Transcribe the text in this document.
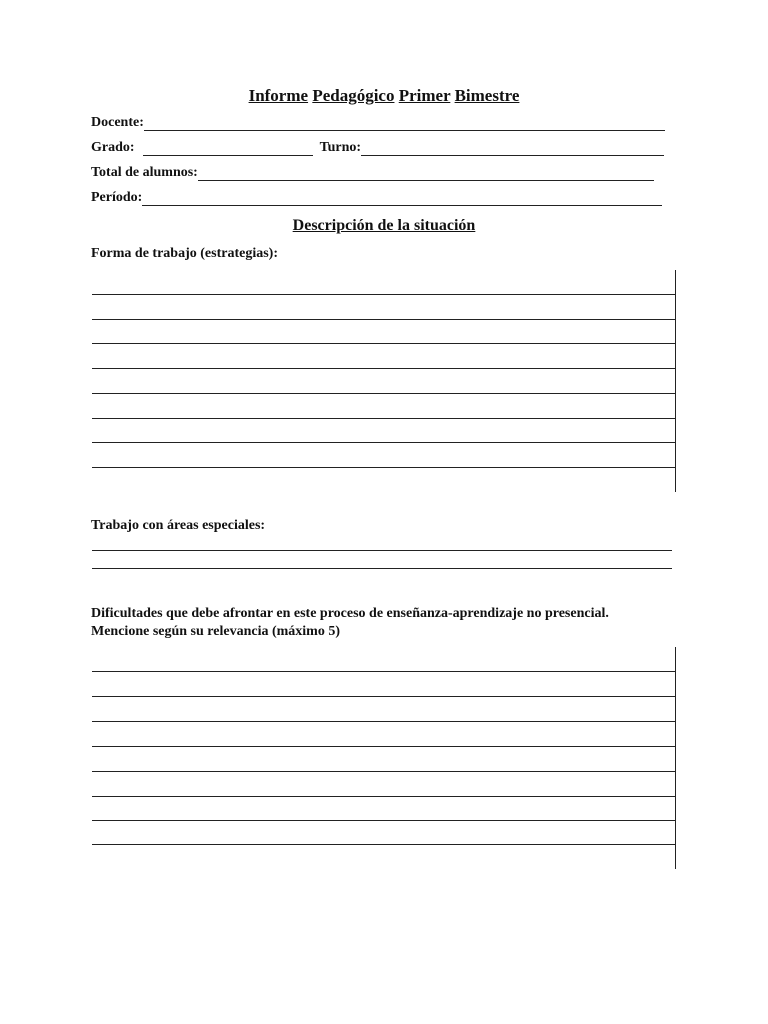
Informe Pedagógico Primer Bimestre
Docente:
Grado:	Turno:
Total de alumnos:
Período:
Descripción de la situación
Forma de trabajo (estrategias):
Trabajo con áreas especiales:
Dificultades que debe afrontar en este proceso de enseñanza-aprendizaje no presencial.
Mencione según su relevancia (máximo 5)
